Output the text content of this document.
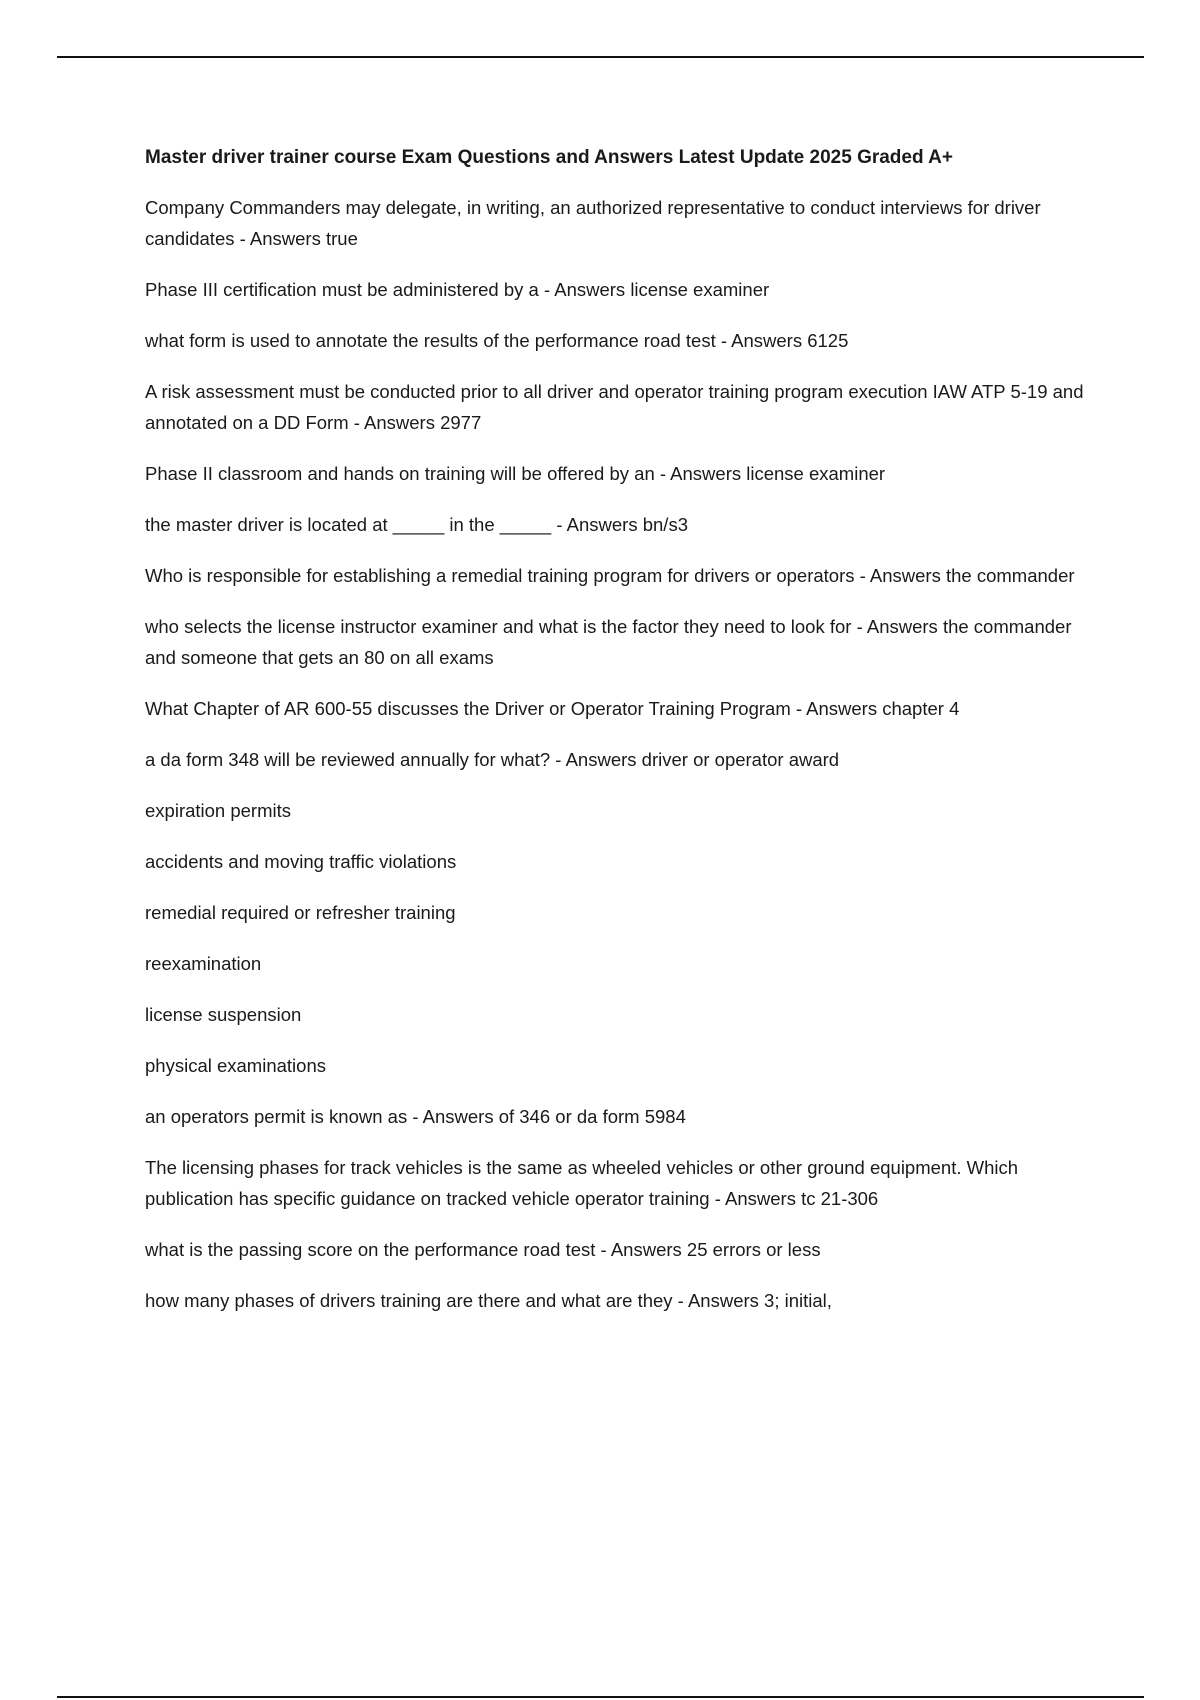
Master driver trainer course Exam Questions and Answers Latest Update 2025 Graded A+
Company Commanders may delegate, in writing, an authorized representative to conduct interviews for driver candidates - Answers true
Phase III certification must be administered by a - Answers license examiner
what form is used to annotate the results of the performance road test - Answers 6125
A risk assessment must be conducted prior to all driver and operator training program execution IAW ATP 5-19 and annotated on a DD Form - Answers 2977
Phase II classroom and hands on training will be offered by an - Answers license examiner
the master driver is located at _____ in the _____ - Answers bn/s3
Who is responsible for establishing a remedial training program for drivers or operators - Answers the commander
who selects the license instructor examiner and what is the factor they need to look for - Answers the commander and someone that gets an 80 on all exams
What Chapter of AR 600-55 discusses the Driver or Operator Training Program - Answers chapter 4
a da form 348 will be reviewed annually for what? - Answers driver or operator award
expiration permits
accidents and moving traffic violations
remedial required or refresher training
reexamination
license suspension
physical examinations
an operators permit is known as - Answers of 346 or da form 5984
The licensing phases for track vehicles is the same as wheeled vehicles or other ground equipment. Which publication has specific guidance on tracked vehicle operator training - Answers tc 21-306
what is the passing score on the performance road test - Answers 25 errors or less
how many phases of drivers training are there and what are they - Answers 3; initial,
